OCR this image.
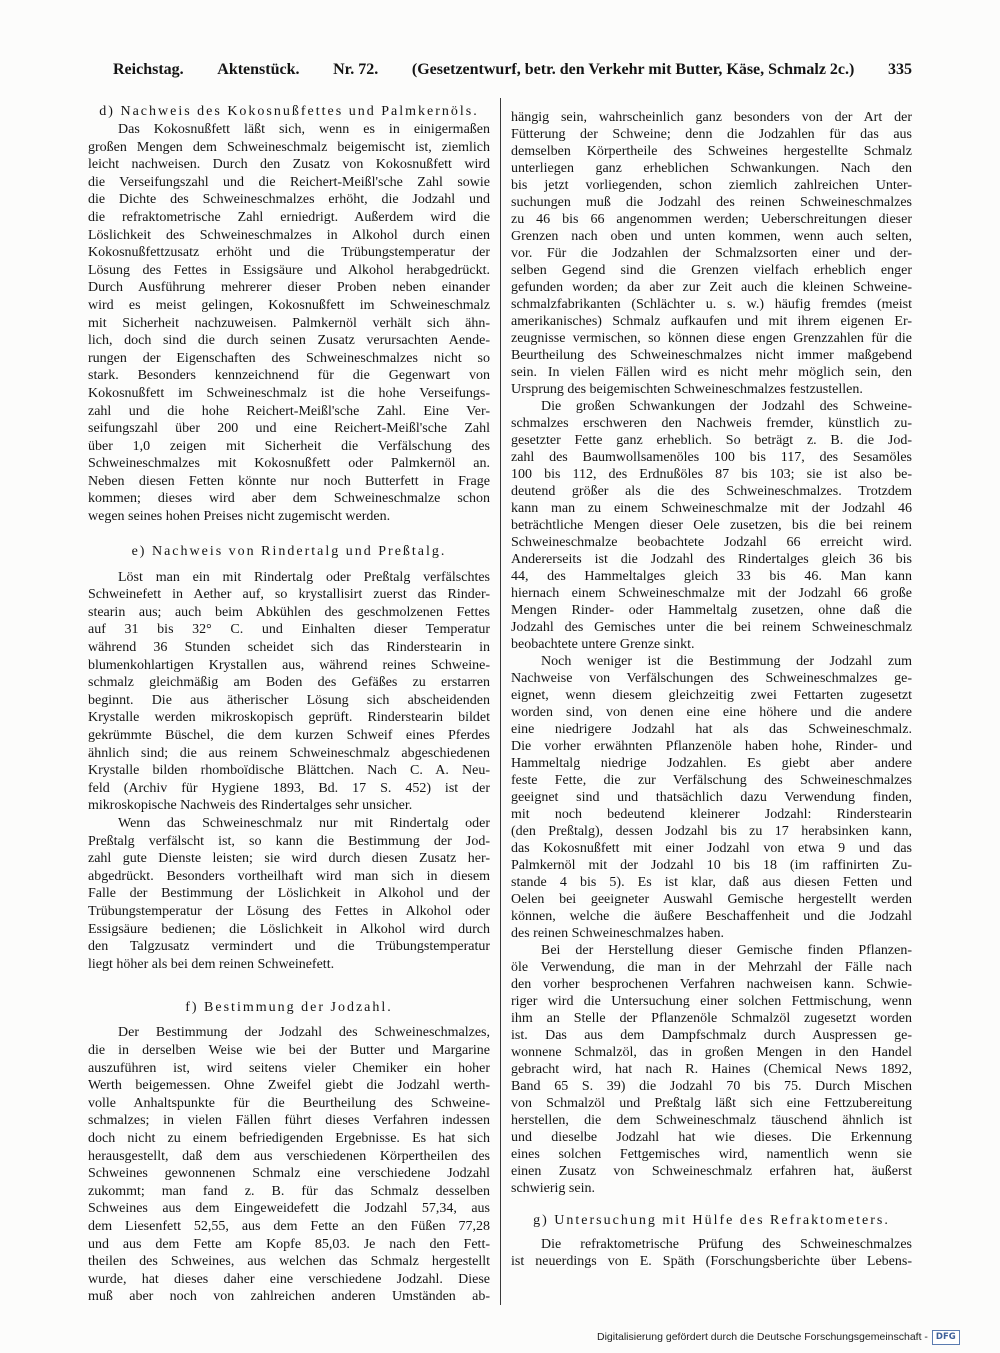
Reichstag. Aktenstück. Nr. 72. (Gesetzentwurf, betr. den Verkehr mit Butter, Käse, Schmalz 2c.) 335
d) Nachweis des Kokosnußfettes und Palmkernöls.
Das Kokosnußfett läßt sich, wenn es in einigermaßen
großen Mengen dem Schweineschmalz beigemischt ist, ziemlich
leicht nachweisen. Durch den Zusatz von Kokosnußfett wird
die Verseifungszahl und die Reichert-Meißl'sche Zahl sowie
die Dichte des Schweineschmalzes erhöht, die Jodzahl und
die refraktometrische Zahl erniedrigt. Außerdem wird die
Löslichkeit des Schweineschmalzes in Alkohol durch einen
Kokosnußfettzusatz erhöht und die Trübungstemperatur der
Lösung des Fettes in Essigsäure und Alkohol herabgedrückt.
Durch Ausführung mehrerer dieser Proben neben einander
wird es meist gelingen, Kokosnußfett im Schweineschmalz
mit Sicherheit nachzuweisen. Palmkernöl verhält sich ähn-
lich, doch sind die durch seinen Zusatz verursachten Aende-
rungen der Eigenschaften des Schweineschmalzes nicht so
stark. Besonders kennzeichnend für die Gegenwart von
Kokosnußfett im Schweineschmalz ist die hohe Verseifungs-
zahl und die hohe Reichert-Meißl'sche Zahl. Eine Ver-
seifungszahl über 200 und eine Reichert-Meißl'sche Zahl
über 1,0 zeigen mit Sicherheit die Verfälschung des
Schweineschmalzes mit Kokosnußfett oder Palmkernöl an.
Neben diesen Fetten könnte nur noch Butterfett in Frage
kommen; dieses wird aber dem Schweineschmalze schon
wegen seines hohen Preises nicht zugemischt werden.
e) Nachweis von Rindertalg und Preßtalg.
Löst man ein mit Rindertalg oder Preßtalg verfälschtes
Schweinefett in Aether auf, so krystallisirt zuerst das Rinder-
stearin aus; auch beim Abkühlen des geschmolzenen Fettes
auf 31 bis 32° C. und Einhalten dieser Temperatur
während 36 Stunden scheidet sich das Rinderstearin in
blumenkohlartigen Krystallen aus, während reines Schweine-
schmalz gleichmäßig am Boden des Gefäßes zu erstarren
beginnt. Die aus ätherischer Lösung sich abscheidenden
Krystalle werden mikroskopisch geprüft. Rinderstearin bildet
gekrümmte Büschel, die dem kurzen Schweif eines Pferdes
ähnlich sind; die aus reinem Schweineschmalz abgeschiedenen
Krystalle bilden rhomboïdische Blättchen. Nach C. A. Neu-
feld (Archiv für Hygiene 1893, Bd. 17 S. 452) ist der
mikroskopische Nachweis des Rindertalges sehr unsicher.
Wenn das Schweineschmalz nur mit Rindertalg oder
Preßtalg verfälscht ist, so kann die Bestimmung der Jod-
zahl gute Dienste leisten; sie wird durch diesen Zusatz her-
abgedrückt. Besonders vortheilhaft wird man sich in diesem
Falle der Bestimmung der Löslichkeit in Alkohol und der
Trübungstemperatur der Lösung des Fettes in Alkohol oder
Essigsäure bedienen; die Löslichkeit in Alkohol wird durch
den Talgzusatz vermindert und die Trübungstemperatur
liegt höher als bei dem reinen Schweinefett.
f) Bestimmung der Jodzahl.
Der Bestimmung der Jodzahl des Schweineschmalzes,
die in derselben Weise wie bei der Butter und Margarine
auszuführen ist, wird seitens vieler Chemiker ein hoher
Werth beigemessen. Ohne Zweifel giebt die Jodzahl werth-
volle Anhaltspunkte für die Beurtheilung des Schweine-
schmalzes; in vielen Fällen führt dieses Verfahren indessen
doch nicht zu einem befriedigenden Ergebnisse. Es hat sich
herausgestellt, daß dem aus verschiedenen Körpertheilen des
Schweines gewonnenen Schmalz eine verschiedene Jodzahl
zukommt; man fand z. B. für das Schmalz desselben
Schweines aus dem Eingeweidefett die Jodzahl 57,34, aus
dem Liesenfett 52,55, aus dem Fette an den Füßen 77,28
und aus dem Fette am Kopfe 85,03. Je nach den Fett-
theilen des Schweines, aus welchen das Schmalz hergestellt
wurde, hat dieses daher eine verschiedene Jodzahl. Diese
muß aber noch von zahlreichen anderen Umständen ab-
hängig sein, wahrscheinlich ganz besonders von der Art der
Fütterung der Schweine; denn die Jodzahlen für das aus
demselben Körpertheile des Schweines hergestellte Schmalz
unterliegen ganz erheblichen Schwankungen. Nach den
bis jetzt vorliegenden, schon ziemlich zahlreichen Unter-
suchungen muß die Jodzahl des reinen Schweineschmalzes
zu 46 bis 66 angenommen werden; Ueberschreitungen dieser
Grenzen nach oben und unten kommen, wenn auch selten,
vor. Für die Jodzahlen der Schmalzsorten einer und der-
selben Gegend sind die Grenzen vielfach erheblich enger
gefunden worden; da aber zur Zeit auch die kleinen Schweine-
schmalzfabrikanten (Schlächter u. s. w.) häufig fremdes (meist
amerikanisches) Schmalz aufkaufen und mit ihrem eigenen Er-
zeugnisse vermischen, so können diese engen Grenzzahlen für die
Beurtheilung des Schweineschmalzes nicht immer maßgebend
sein. In vielen Fällen wird es nicht mehr möglich sein, den
Ursprung des beigemischten Schweineschmalzes festzustellen.
Die großen Schwankungen der Jodzahl des Schweine-
schmalzes erschweren den Nachweis fremder, künstlich zu-
gesetzter Fette ganz erheblich. So beträgt z. B. die Jod-
zahl des Baumwollsamenöles 100 bis 117, des Sesamöles
100 bis 112, des Erdnußöles 87 bis 103; sie ist also be-
deutend größer als die des Schweineschmalzes. Trotzdem
kann man zu einem Schweineschmalze mit der Jodzahl 46
beträchtliche Mengen dieser Oele zusetzen, bis die bei reinem
Schweineschmalze beobachtete Jodzahl 66 erreicht wird.
Andererseits ist die Jodzahl des Rindertalges gleich 36 bis
44, des Hammeltalges gleich 33 bis 46. Man kann
hiernach einem Schweineschmalze mit der Jodzahl 66 große
Mengen Rinder- oder Hammeltalg zusetzen, ohne daß die
Jodzahl des Gemisches unter die bei reinem Schweineschmalz
beobachtete untere Grenze sinkt.
Noch weniger ist die Bestimmung der Jodzahl zum
Nachweise von Verfälschungen des Schweineschmalzes ge-
eignet, wenn diesem gleichzeitig zwei Fettarten zugesetzt
worden sind, von denen eine eine höhere und die andere
eine niedrigere Jodzahl hat als das Schweineschmalz.
Die vorher erwähnten Pflanzenöle haben hohe, Rinder- und
Hammeltalg niedrige Jodzahlen. Es giebt aber andere
feste Fette, die zur Verfälschung des Schweineschmalzes
geeignet sind und thatsächlich dazu Verwendung finden,
mit noch bedeutend kleinerer Jodzahl: Rinderstearin
(den Preßtalg), dessen Jodzahl bis zu 17 herabsinken kann,
das Kokosnußfett mit einer Jodzahl von etwa 9 und das
Palmkernöl mit der Jodzahl 10 bis 18 (im raffinirten Zu-
stande 4 bis 5). Es ist klar, daß aus diesen Fetten und
Oelen bei geeigneter Auswahl Gemische hergestellt werden
können, welche die äußere Beschaffenheit und die Jodzahl
des reinen Schweineschmalzes haben.
Bei der Herstellung dieser Gemische finden Pflanzen-
öle Verwendung, die man in der Mehrzahl der Fälle nach
den vorher besprochenen Verfahren nachweisen kann. Schwie-
riger wird die Untersuchung einer solchen Fettmischung, wenn
ihm an Stelle der Pflanzenöle Schmalzöl zugesetzt worden
ist. Das aus dem Dampfschmalz durch Auspressen ge-
wonnene Schmalzöl, das in großen Mengen in den Handel
gebracht wird, hat nach R. Haines (Chemical News 1892,
Band 65 S. 39) die Jodzahl 70 bis 75. Durch Mischen
von Schmalzöl und Preßtalg läßt sich eine Fettzubereitung
herstellen, die dem Schweineschmalz täuschend ähnlich ist
und dieselbe Jodzahl hat wie dieses. Die Erkennung
eines solchen Fettgemisches wird, namentlich wenn sie
einen Zusatz von Schweineschmalz erfahren hat, äußerst
schwierig sein.
g) Untersuchung mit Hülfe des Refraktometers.
Die refraktometrische Prüfung des Schweineschmalzes
ist neuerdings von E. Späth (Forschungsberichte über Lebens-
Digitalisierung gefördert durch die Deutsche Forschungsgemeinschaft - DFG
